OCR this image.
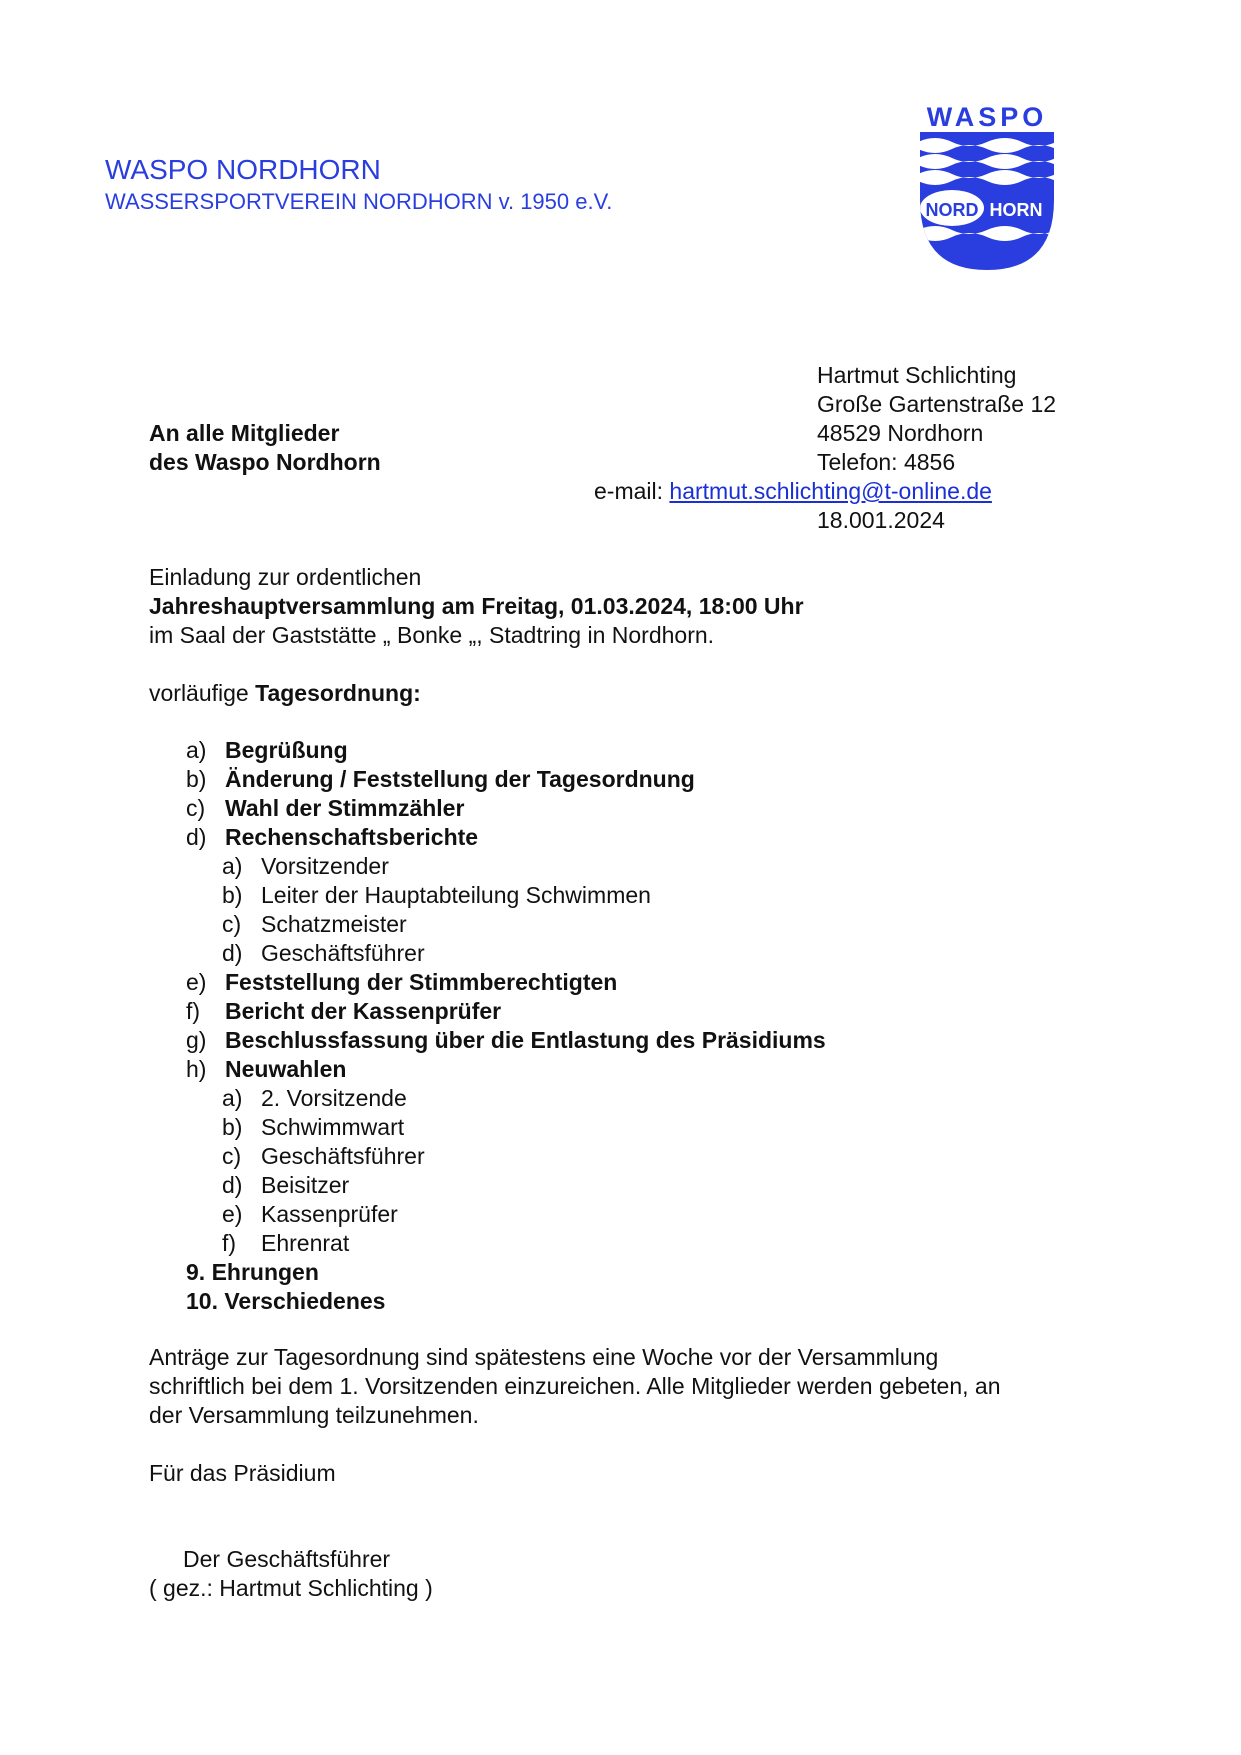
WASPO NORDHORN
WASSERSPORTVEREIN NORDHORN v. 1950 e.V.
WASPO
NORD HORN
Hartmut Schlichting
Große Gartenstraße 12
48529 Nordhorn
Telefon: 4856
e-mail: hartmut.schlichting@t-online.de
18.001.2024
An alle Mitglieder
des Waspo Nordhorn
Einladung zur ordentlichen
Jahreshauptversammlung am Freitag, 01.03.2024, 18:00 Uhr
im Saal der Gaststätte „ Bonke „, Stadtring in Nordhorn.
vorläufige Tagesordnung:
a) Begrüßung
b) Änderung / Feststellung der Tagesordnung
c) Wahl der Stimmzähler
d) Rechenschaftsberichte
a) Vorsitzender
b) Leiter der Hauptabteilung Schwimmen
c) Schatzmeister
d) Geschäftsführer
e) Feststellung der Stimmberechtigten
f) Bericht der Kassenprüfer
g) Beschlussfassung über die Entlastung des Präsidiums
h) Neuwahlen
a) 2. Vorsitzende
b) Schwimmwart
c) Geschäftsführer
d) Beisitzer
e) Kassenprüfer
f) Ehrenrat
9. Ehrungen
10. Verschiedenes
Anträge zur Tagesordnung sind spätestens eine Woche vor der Versammlung
schriftlich bei dem 1. Vorsitzenden einzureichen. Alle Mitglieder werden gebeten, an
der Versammlung teilzunehmen.
Für das Präsidium
Der Geschäftsführer
( gez.: Hartmut Schlichting )
